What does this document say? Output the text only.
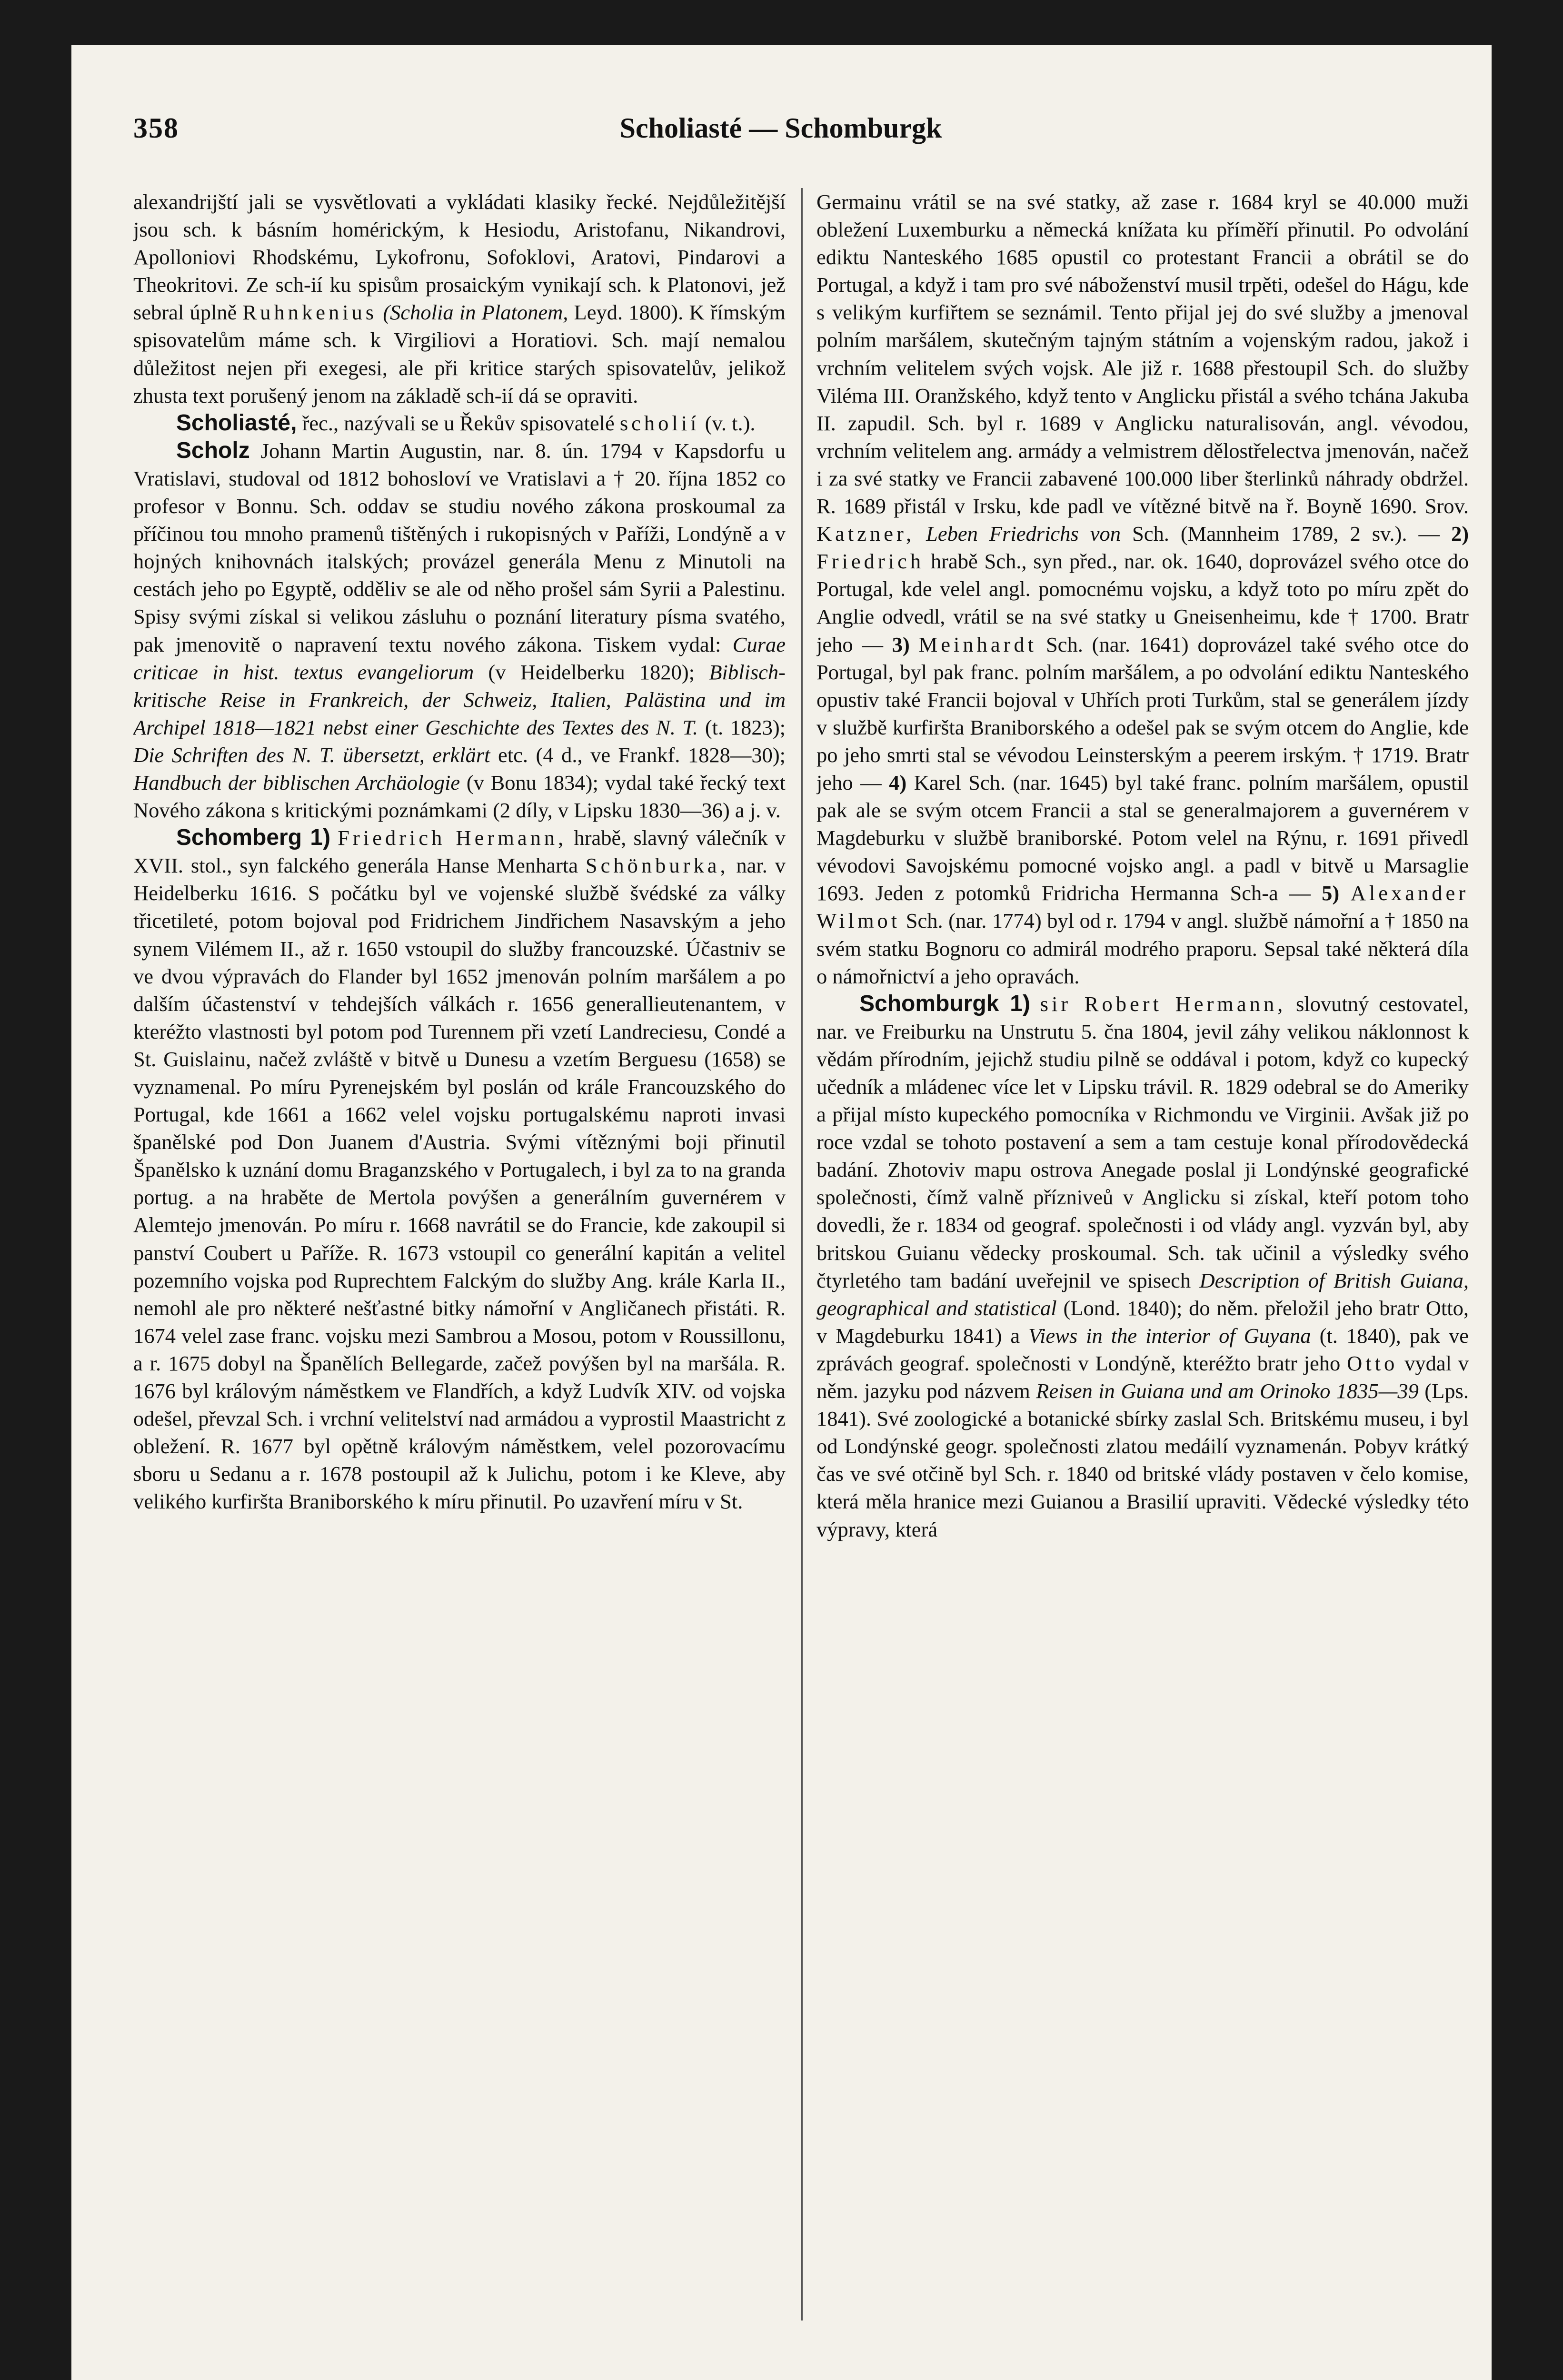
358	Scholiasté — Schomburgk

alexandrijští jali se vysvětlovati a vykládati klasiky řecké. Nejdůležitější jsou sch. k básním homérickým, k Hesiodu, Aristofanu, Nikandrovi, Apolloniovi Rhodskému, Lykofronu, Sofoklovi, Aratovi, Pindarovi a Theokritovi. Ze sch-ií ku spisům prosaickým vynikají sch. k Platonovi, jež sebral úplně Ruhnkenius (Scholia in Platonem, Leyd. 1800). K římským spisovatelům máme sch. k Virgiliovi a Horatiovi. Sch. mají nemalou důležitost nejen při exegesi, ale při kritice starých spisovatelův, jelikož zhusta text porušený jenom na základě sch-ií dá se opraviti.

Scholiasté, řec., nazývali se u Řekův spisovatelé scholií (v. t.).

Scholz Johann Martin Augustin, nar. 8. ún. 1794 v Kapsdorfu u Vratislavi, studoval od 1812 bohosloví ve Vratislavi a † 20. října 1852 co profesor v Bonnu. Sch. oddav se studiu nového zákona proskoumal za příčinou tou mnoho pramenů tištěných i rukopisných v Paříži, Londýně a v hojných knihovnách italských; provázel generála Menu z Minutoli na cestách jeho po Egyptě, odděliv se ale od něho prošel sám Syrii a Palestinu. Spisy svými získal si velikou zásluhu o poznání literatury písma svatého, pak jmenovitě o napravení textu nového zákona. Tiskem vydal: Curae criticae in hist. textus evangeliorum (v Heidelberku 1820); Biblisch-kritische Reise in Frankreich, der Schweiz, Italien, Palästina und im Archipel 1818—1821 nebst einer Geschichte des Textes des N. T. (t. 1823); Die Schriften des N. T. übersetzt, erklärt etc. (4 d., ve Frankf. 1828—30); Handbuch der biblischen Archäologie (v Bonu 1834); vydal také řecký text Nového zákona s kritickými poznámkami (2 díly, v Lipsku 1830—36) a j. v.

Schomberg 1) Friedrich Hermann, hrabě, slavný válečník v XVII. stol., syn falckého generála Hanse Menharta Schönburka, nar. v Heidelberku 1616. S počátku byl ve vojenské službě švédské za války třicetileté, potom bojoval pod Fridrichem Jindřichem Nasavským a jeho synem Vilémem II., až r. 1650 vstoupil do služby francouzské. Účastniv se ve dvou výpravách do Flander byl 1652 jmenován polním maršálem a po dalším účastenství v tehdejších válkách r. 1656 generallieutenantem, v kteréžto vlastnosti byl potom pod Turennem při vzetí Landreciesu, Condé a St. Guislainu, načež zvláště v bitvě u Dunesu a vzetím Berguesu (1658) se vyznamenal. Po míru Pyrenejském byl poslán od krále Francouzského do Portugal, kde 1661 a 1662 velel vojsku portugalskému naproti invasi španělské pod Don Juanem d'Austria. Svými vítěznými boji přinutil Španělsko k uznání domu Braganzského v Portugalech, i byl za to na granda portug. a na hraběte de Mertola povýšen a generálním guvernérem v Alemtejo jmenován. Po míru r. 1668 navrátil se do Francie, kde zakoupil si panství Coubert u Paříže. R. 1673 vstoupil co generální kapitán a velitel pozemního vojska pod Ruprechtem Falckým do služby Ang. krále Karla II., nemohl ale pro některé nešťastné bitky námořní v Angličanech přistáti. R. 1674 velel zase franc. vojsku mezi Sambrou a Mosou, potom v Roussillonu, a r. 1675 dobyl na Španělích Bellegarde, začež povýšen byl na maršála. R. 1676 byl královým náměstkem ve Flandřích, a když Ludvík XIV. od vojska odešel, převzal Sch. i vrchní velitelství nad armádou a vyprostil Maastricht z obležení. R. 1677 byl opětně královým náměstkem, velel pozorovacímu sboru u Sedanu a r. 1678 postoupil až k Julichu, potom i ke Kleve, aby velikého kurfiršta Braniborského k míru přinutil. Po uzavření míru v St.

Germainu vrátil se na své statky, až zase r. 1684 kryl se 40.000 muži obležení Luxemburku a německá knížata ku příměří přinutil. Po odvolání ediktu Nanteského 1685 opustil co protestant Francii a obrátil se do Portugal, a když i tam pro své náboženství musil trpěti, odešel do Hágu, kde s velikým kurfiřtem se seznámil. Tento přijal jej do své služby a jmenoval polním maršálem, skutečným tajným státním a vojenským radou, jakož i vrchním velitelem svých vojsk. Ale již r. 1688 přestoupil Sch. do služby Viléma III. Oranžského, když tento v Anglicku přistál a svého tchána Jakuba II. zapudil. Sch. byl r. 1689 v Anglicku naturalisován, angl. vévodou, vrchním velitelem ang. armády a velmistrem dělostřelectva jmenován, načež i za své statky ve Francii zabavené 100.000 liber šterlinků náhrady obdržel. R. 1689 přistál v Irsku, kde padl ve vítězné bitvě na ř. Boyně 1690. Srov. Katzner, Leben Friedrichs von Sch. (Mannheim 1789, 2 sv.). — 2) Friedrich hrabě Sch., syn před., nar. ok. 1640, doprovázel svého otce do Portugal, kde velel angl. pomocnému vojsku, a když toto po míru zpět do Anglie odvedl, vrátil se na své statky u Gneisenheimu, kde † 1700. Bratr jeho — 3) Meinhardt Sch. (nar. 1641) doprovázel také svého otce do Portugal, byl pak franc. polním maršálem, a po odvolání ediktu Nanteského opustiv také Francii bojoval v Uhřích proti Turkům, stal se generálem jízdy v službě kurfiršta Braniborského a odešel pak se svým otcem do Anglie, kde po jeho smrti stal se vévodou Leinsterským a peerem irským. † 1719. Bratr jeho — 4) Karel Sch. (nar. 1645) byl také franc. polním maršálem, opustil pak ale se svým otcem Francii a stal se generalmajorem a guvernérem v Magdeburku v službě braniborské. Potom velel na Rýnu, r. 1691 přivedl vévodovi Savojskému pomocné vojsko angl. a padl v bitvě u Marsaglie 1693. Jeden z potomků Fridricha Hermanna Sch-a — 5) Alexander Wilmot Sch. (nar. 1774) byl od r. 1794 v angl. službě námořní a † 1850 na svém statku Bognoru co admirál modrého praporu. Sepsal také některá díla o námořnictví a jeho opravách.

Schomburgk 1) sir Robert Hermann, slovutný cestovatel, nar. ve Freiburku na Unstrutu 5. čna 1804, jevil záhy velikou náklonnost k vědám přírodním, jejichž studiu pilně se oddával i potom, když co kupecký učedník a mládenec více let v Lipsku trávil. R. 1829 odebral se do Ameriky a přijal místo kupeckého pomocníka v Richmondu ve Virginii. Avšak již po roce vzdal se tohoto postavení a sem a tam cestuje konal přírodovědecká badání. Zhotoviv mapu ostrova Anegade poslal ji Londýnské geografické společnosti, čímž valně přízniveů v Anglicku si získal, kteří potom toho dovedli, že r. 1834 od geograf. společnosti i od vlády angl. vyzván byl, aby britskou Guianu vědecky proskoumal. Sch. tak učinil a výsledky svého čtyrletého tam badání uveřejnil ve spisech Description of British Guiana, geographical and statistical (Lond. 1840); do něm. přeložil jeho bratr Otto, v Magdeburku 1841) a Views in the interior of Guyana (t. 1840), pak ve zprávách geograf. společnosti v Londýně, kteréžto bratr jeho Otto vydal v něm. jazyku pod názvem Reisen in Guiana und am Orinoko 1835—39 (Lps. 1841). Své zoologické a botanické sbírky zaslal Sch. Britskému museu, i byl od Londýnské geogr. společnosti zlatou medáilí vyznamenán. Pobyv krátký čas ve své otčině byl Sch. r. 1840 od britské vlády postaven v čelo komise, která měla hranice mezi Guianou a Brasilií upraviti. Vědecké výsledky této výpravy, která
